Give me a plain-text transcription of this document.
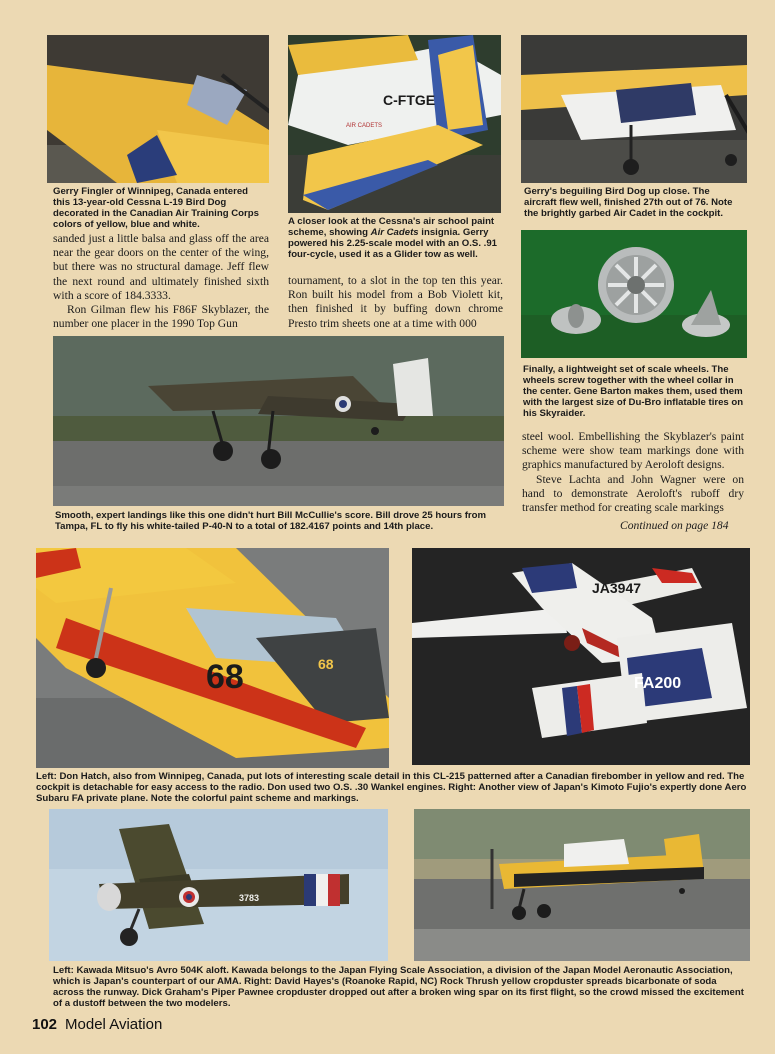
C-FTGE
AIR CADETS

Gerry Fingler of Winnipeg, Canada entered this 13-year-old Cessna L-19 Bird Dog decorated in the Canadian Air Training Corps colors of yellow, blue and white.	A closer look at the Cessna's air school paint scheme, showing Air Cadets insignia. Gerry powered his 2.25-scale model with an O.S. .91 four-cycle, used it as a Glider tow as well.

Gerry's beguiling Bird Dog up close. The aircraft flew well, finished 27th out of 76. Note the brightly garbed Air Cadet in the cockpit.

sanded just a little balsa and glass off the area near the gear doors on the center of the wing, but there was no structural damage. Jeff flew the next round and ultimately finished sixth with a score of 184.3333.

Ron Gilman flew his F86F Skyblazer, the number one placer in the 1990 Top Gun

tournament, to a slot in the top ten this year. Ron built his model from a Bob Violett kit, then finished it by buffing down chrome Presto trim sheets one at a time with 000

Finally, a lightweight set of scale wheels. The wheels screw together with the wheel collar in the center. Gene Barton makes them, used them with the largest size of Du-Bro inflatable tires on his Skyraider.

steel wool. Embellishing the Skyblazer's paint scheme were show team markings done with graphics manufactured by Aeroloft designs.

Steve Lachta and John Wagner were on hand to demonstrate Aeroloft's ruboff dry transfer method for creating scale markings

Continued on page 184

Smooth, expert landings like this one didn't hurt Bill McCullie's score. Bill drove 25 hours from Tampa, FL to fly his white-tailed P-40-N to a total of 182.4167 points and 14th place.

68	68
JA3947
FA200

Left: Don Hatch, also from Winnipeg, Canada, put lots of interesting scale detail in this CL-215 patterned after a Canadian firebomber in yellow and red. The cockpit is detachable for easy access to the radio. Don used two O.S. .30 Wankel engines. Right: Another view of Japan's Kimoto Fujio's expertly done Aero Subaru FA private plane. Note the colorful paint scheme and markings.

3783

Left: Kawada Mitsuo's Avro 504K aloft. Kawada belongs to the Japan Flying Scale Association, a division of the Japan Model Aeronautic Association, which is Japan's counterpart of our AMA. Right: David Hayes's (Roanoke Rapid, NC) Rock Thrush yellow cropduster spreads bicarbonate of soda across the runway. Dick Graham's Piper Pawnee cropduster dropped out after a broken wing spar on its first flight, so the crowd missed the excitement of a dustoff between the two modelers.

102 Model Aviation
